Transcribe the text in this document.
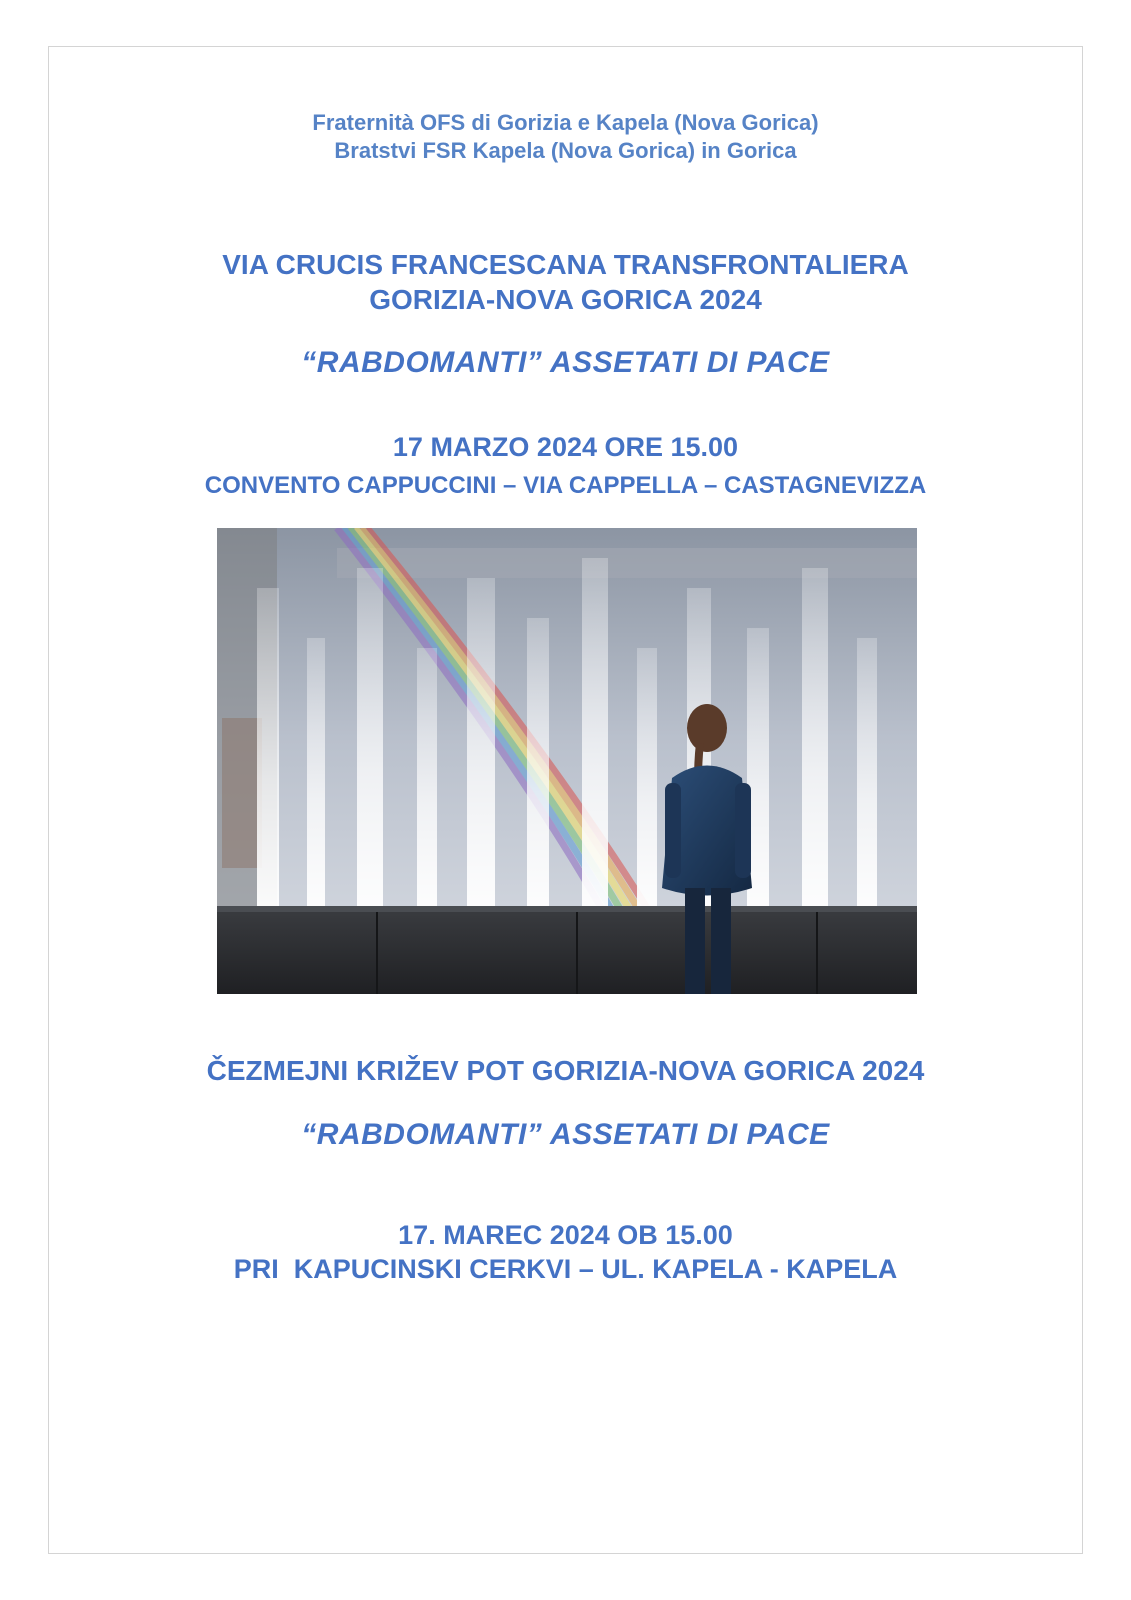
Fraternità OFS di Gorizia e Kapela (Nova Gorica)

Bratstvi FSR Kapela (Nova Gorica) in Gorica

VIA CRUCIS FRANCESCANA TRANSFRONTALIERA

GORIZIA-NOVA GORICA 2024

“RABDOMANTI” ASSETATI DI PACE

17 MARZO 2024 ORE 15.00

CONVENTO CAPPUCCINI – VIA CAPPELLA – CASTAGNEVIZZA

ČEZMEJNI KRIŽEV POT GORIZIA-NOVA GORICA 2024

“RABDOMANTI” ASSETATI DI PACE

17. MAREC 2024 OB 15.00

PRI  KAPUCINSKI CERKVI – UL. KAPELA - KAPELA
